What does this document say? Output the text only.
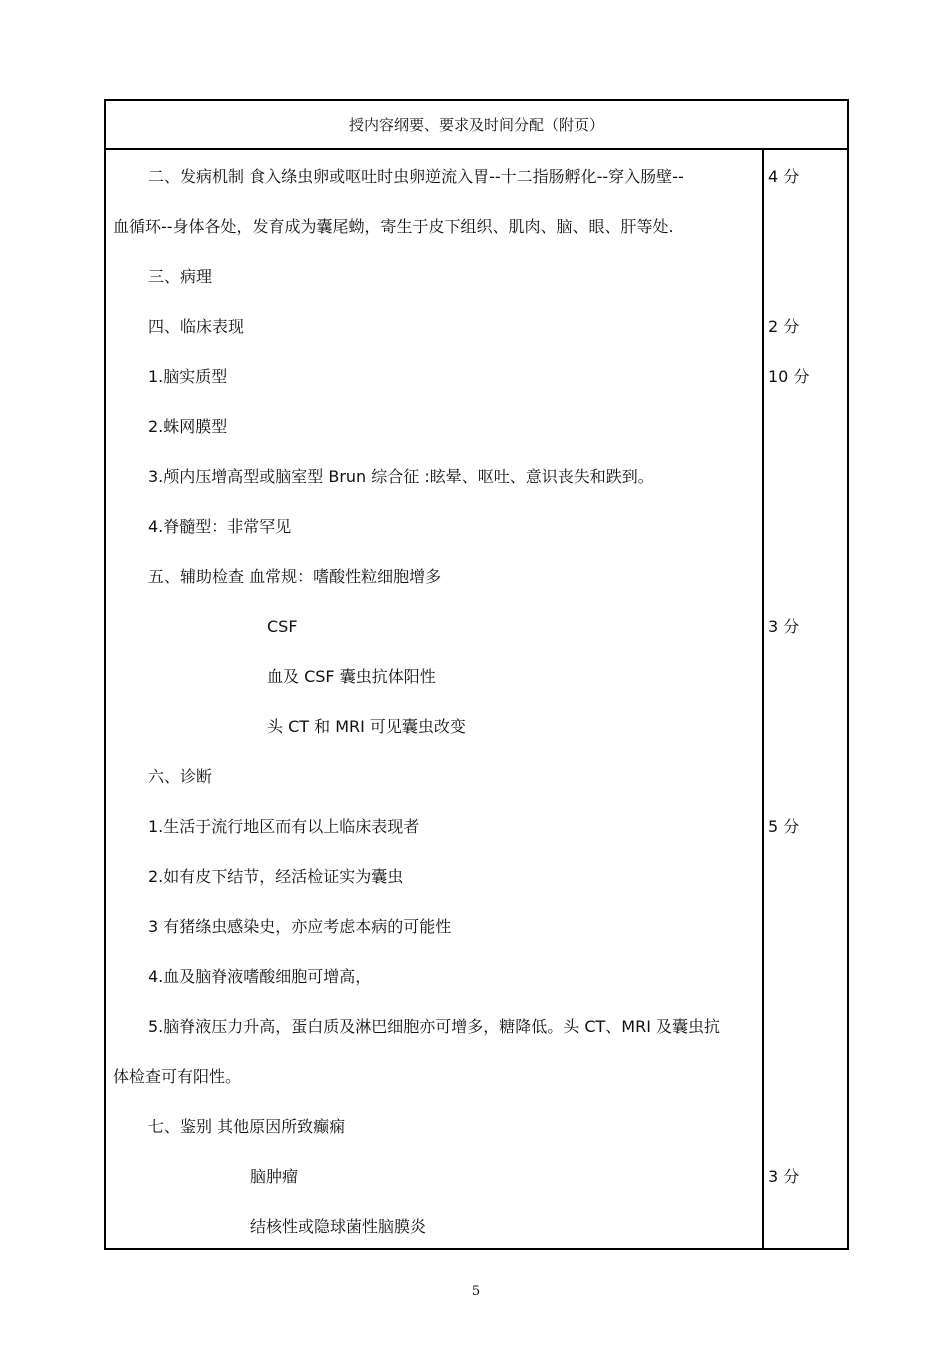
授内容纲要、要求及时间分配（附页）
二、发病机制 食入绦虫卵或呕吐时虫卵逆流入胃--十二指肠孵化--穿入肠壁--
血循环--身体各处，发育成为囊尾蚴，寄生于皮下组织、肌肉、脑、眼、肝等处.
三、病理
四、临床表现
1.脑实质型
2.蛛网膜型
3.颅内压增高型或脑室型 Brun 综合征 :眩晕、呕吐、意识丧失和跌到。
4.脊髓型：非常罕见
五、辅助检查 血常规：嗜酸性粒细胞增多
CSF
血及 CSF 囊虫抗体阳性
头 CT 和 MRI 可见囊虫改变
六、诊断
1.生活于流行地区而有以上临床表现者
2.如有皮下结节，经活检证实为囊虫
3 有猪绦虫感染史，亦应考虑本病的可能性
4.血及脑脊液嗜酸细胞可增高，
5.脑脊液压力升高，蛋白质及淋巴细胞亦可增多，糖降低。头 CT、MRI 及囊虫抗
体检查可有阳性。
七、鉴别 其他原因所致癫痫
脑肿瘤
结核性或隐球菌性脑膜炎
4 分
2 分
10 分
3 分
5 分
3 分
5
